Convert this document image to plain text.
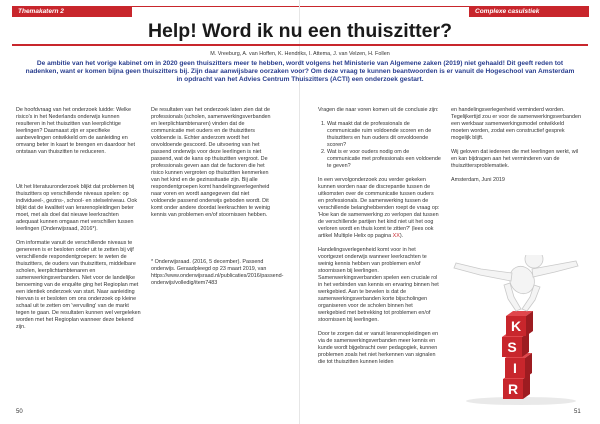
Themakatern 2	Complexe casuïstiek
Help! Word ik nu een thuiszitter?
M. Vreeburg, A. van Hoffen, K. Hendriks, I. Attema, J. van Velzen, H. Follen
De ambitie van het vorige kabinet om in 2020 geen thuiszitters meer te hebben, wordt volgens het Ministerie van Algemene zaken (2019) niet gehaald! Dit geeft reden tot nadenken, want er komen bijna geen thuiszitters bij. Zijn daar aanwijsbare oorzaken voor? Om deze vraag te kunnen beantwoorden is er vanuit de Hogeschool van Amsterdam in opdracht van het Advies Centrum Thuiszitters (ACTI) een onderzoek gestart.

De hoofdvraag van het onderzoek luidde: Welke risico's in het Nederlands onderwijs kunnen resulteren in het thuiszitten van leerplichtige leerlingen? Daarnaast zijn er specifieke aanbevelingen ontwikkeld om de aanleiding en omvang beter in kaart te brengen en daardoor het ontstaan van thuiszitten te reduceren.

Uit het literatuuronderzoek blijkt dat problemen bij thuiszitters op verschillende niveaus spelen: op individueel-, gezins-, school- en stelselniveau. Ook blijkt dat de kwaliteit van lerarenopleidingen beter moet, met als doel dat nieuwe leerkrachten adequaat kunnen omgaan met verschillen tussen leerlingen (Onderwijsraad, 2016*).

Om informatie vanuit de verschillende niveaus te genereren is er besloten onder uit te zetten bij vijf verschillende respondentgroepen: te weten de thuiszitters, de ouders van thuiszitters, middelbare scholen, leerplichtambtenaren en samenwerkingsverbanden. Niet voor de landelijke benoeming van de enquête ging het Regioplan met een identiek onderzoek van start. Naar aanleiding hiervan is er besloten om ons onderzoek op kleine schaal uit te zetten om 'vervuiling' van de markt tegen te gaan. De resultaten kunnen wel vergeleken worden met het Regioplan wanneer deze bekend zijn.

De resultaten van het onderzoek laten zien dat de professionals (scholen, samenwerkingsverbanden en leerplichtambtenaren) vinden dat de communicatie met ouders en de thuiszitters voldoende is. Echter anderzom wordt het onvoldoende gescoord. De uitvoering van het passend onderwijs voor deze leerlingen is niet passend, wat de kans op thuiszitten vergroot. De professionals geven aan dat de factoren die het risico kunnen vergroten op thuiszitten kenmerken van het kind en de gezinssituatie zijn. Bij alle respondentgroepen komt handelingsverlegenheid naar voren en wordt aangegeven dat niet voldoende passend onderwijs geboden wordt. Dit komt onder andere doordat leerkrachten te weinig kennis van problemen en/of stoornissen hebben.

* Onderwijsraad. (2016, 5 december). Passend onderwijs. Geraadpleegd op 23 maart 2019, van https://www.onderwijsraad.nl/publicaties/2016/passend-onderwijs/volledig/item7483

Vragen die naar voren komen uit de conclusie zijn:

1. Wat maakt dat de professionals de communicatie ruim voldoende scoren en de thuiszitters en hun ouders dit onvoldoende scoren?
2. Wat is er voor ouders nodig om de communicatie met professionals een voldoende te geven?

In een vervolgonderzoek zou verder gekeken kunnen worden naar de discrepantie tussen de uitkomsten over de communicatie tussen ouders en professionals. De samenwerking tussen de verschillende belanghebbenden roept de vraag op: 'Hoe kan de samenwerking zo verlopen dat tussen de verschillende partijen het kind niet uit het oog verloren wordt en thuis komt te zitten?' (lees ook artikel Multiple Helix op pagina XX).

Handelingsverlegenheid komt voor in het voortgezet onderwijs wanneer leerkrachten te weinig kennis hebben van problemen en/of stoornissen bij leerlingen. Samenwerkingsverbanden spelen een cruciale rol in het verbinden van kennis en ervaring binnen het werkgebied. Aan te bevelen is dat de samenwerkingsverbanden korte bijscholingen organiseren voor de scholen binnen het werkgebied met betrekking tot problemen en/of stoornissen bij leerlingen.

Door te zorgen dat er vanuit lerarenopleidingen en via de samenwerkingsverbanden meer kennis en kunde wordt bijgebracht over pedagogiek, kunnen problemen zoals het niet herkennen van signalen die tot thuiszitten kunnen leiden

en handelingsverlegenheid verminderd worden. Tegelijkertijd zou er voor de samenwerkingsverbanden een werkbaar samenwerkingsmodel ontwikkeld moeten worden, zodat een constructief gesprek mogelijk blijft.

Wij geloven dat iedereen die met leerlingen werkt, wil en kan bijdragen aan het verminderen van de thuiszittersproblematiek.

Amsterdam, Juni 2019

R
I
S
K
50	51
